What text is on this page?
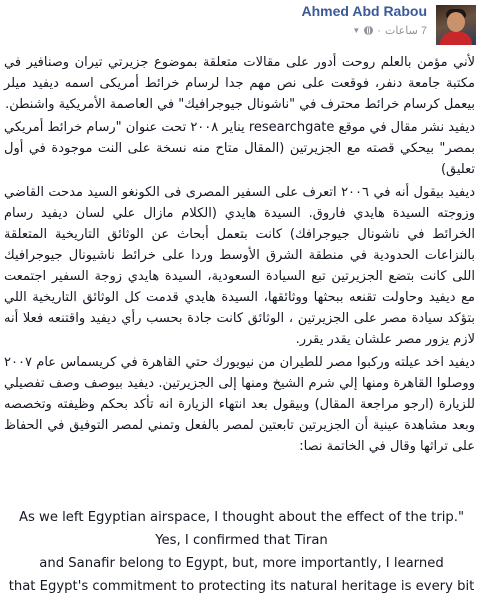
Ahmed Abd Rabou
7 ساعات
·
▼

لأني مؤمن بالعلم روحت أدور على مقالات متعلقة بموضوع جزيرتي تيران وصنافير في مكتبة جامعة دنفر، فوقعت على نص مهم جدا لرسام خرائط أمريكى اسمه ديفيد ميلر بيعمل كرسام خرائط محترف في "ناشونال جيوجرافيك" في العاصمة الأمريكية واشنطن.

ديفيد نشر مقال في موقع researchgate يناير ٢٠٠٨ تحت عنوان "رسام خرائط أمريكي بمصر" بيحكي قصته مع الجزيرتين (المقال متاح منه نسخة على النت موجودة في أول تعليق)

ديفيد بيقول أنه في ٢٠٠٦ اتعرف على السفير المصرى فى الكونغو السيد مدحت القاضي وزوجته السيدة هايدي فاروق. السيدة هايدي (الكلام مازال علي لسان ديفيد رسام الخرائط في ناشونال جيوجرافك) كانت بتعمل أبحاث عن الوثائق التاريخية المتعلقة بالنزاعات الحدودية في منطقة الشرق الأوسط وردا على خرائط ناشيونال جيوجرافيك اللى كانت بتضع الجزيرتين تبع السيادة السعودية، السيدة هايدي زوجة السفير اجتمعت مع ديفيد وحاولت تقنعه ببحثها ووثائقها، السيدة هايدي قدمت كل الوثائق التاريخية اللي بتؤكد سيادة مصر على الجزيرتين ، الوثائق كانت جادة بحسب رأي ديفيد واقتنعه فعلا أنه لازم يزور مصر علشان يقدر يقرر.

ديفيد اخد عيلته وركبوا مصر للطيران من نيويورك حتي القاهرة في كريسماس عام ٢٠٠٧ ووصلوا القاهرة ومنها إلي شرم الشيخ ومنها إلى الجزيرتين. ديفيد بيوصف وصف تفصيلي للزيارة (ارجو مراجعة المقال) وبيقول بعد انتهاء الزيارة انه تأكد بحكم وظيفته وتخصصه وبعد مشاهدة عينية أن الجزيرتين تابعتين لمصر بالفعل وتمني لمصر التوفيق في الحفاظ على تراثها وقال في الخاتمة نصا:

As we left Egyptian airspace, I thought about the effect of the trip."
Yes, I confirmed that Tiran
and Sanafir belong to Egypt, but, more importantly, I learned
that Egypt's commitment to protecting its natural heritage is every bit
